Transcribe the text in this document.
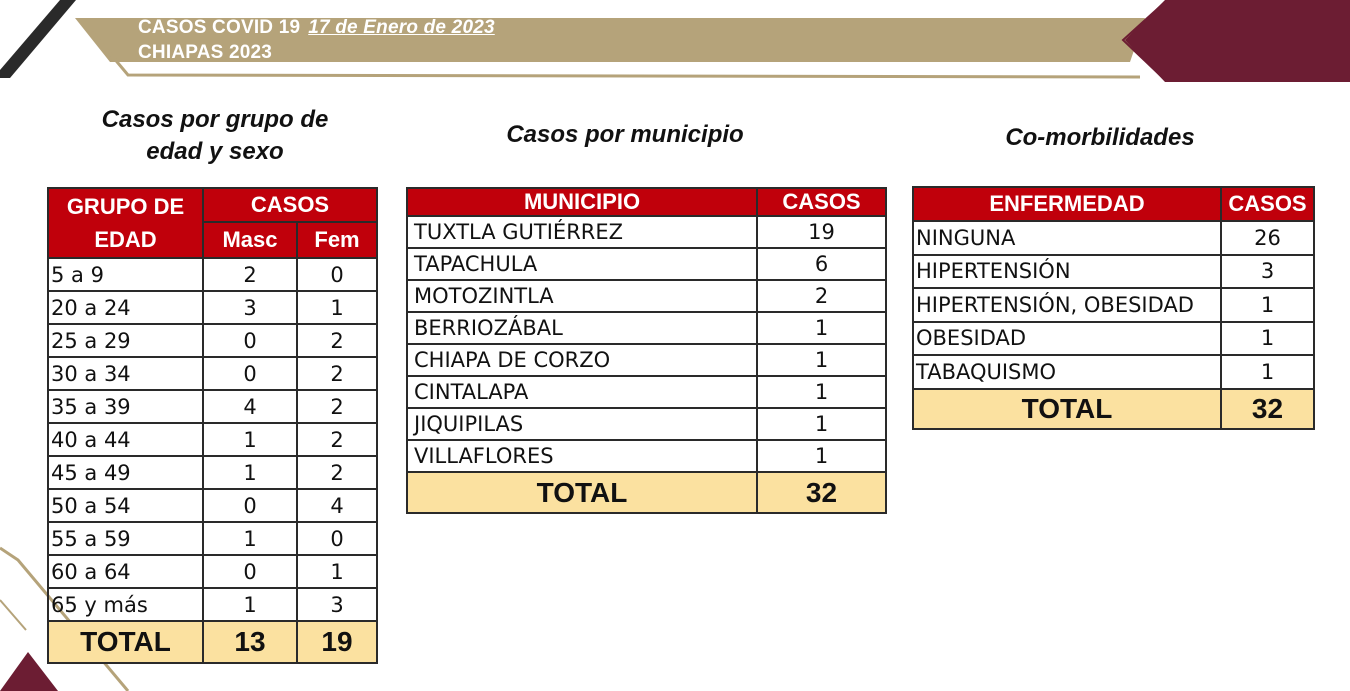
CASOS COVID 19 17 de Enero de 2023
CHIAPAS 2023
Casos por grupo de
edad y sexo
Casos por municipio	Co-morbilidades
GRUPO DE EDAD	CASOS	
	Masc	Fem
5 a 9	2	0
20 a 24	3	1
25 a 29	0	2
30 a 34	0	2
35 a 39	4	2
40 a 44	1	2
45 a 49	1	2
50 a 54	0	4
55 a 59	1	0
60 a 64	0	1
65 y más	1	3
TOTAL	13	19
MUNICIPIO	CASOS
TUXTLA GUTIÉRREZ	19
TAPACHULA	6
MOTOZINTLA	2
BERRIOZÁBAL	1
CHIAPA DE CORZO	1
CINTALAPA	1
JIQUIPILAS	1
VILLAFLORES	1
TOTAL	32
ENFERMEDAD	CASOS
NINGUNA	26
HIPERTENSIÓN	3
HIPERTENSIÓN, OBESIDAD	1
OBESIDAD	1
TABAQUISMO	1
TOTAL	32
